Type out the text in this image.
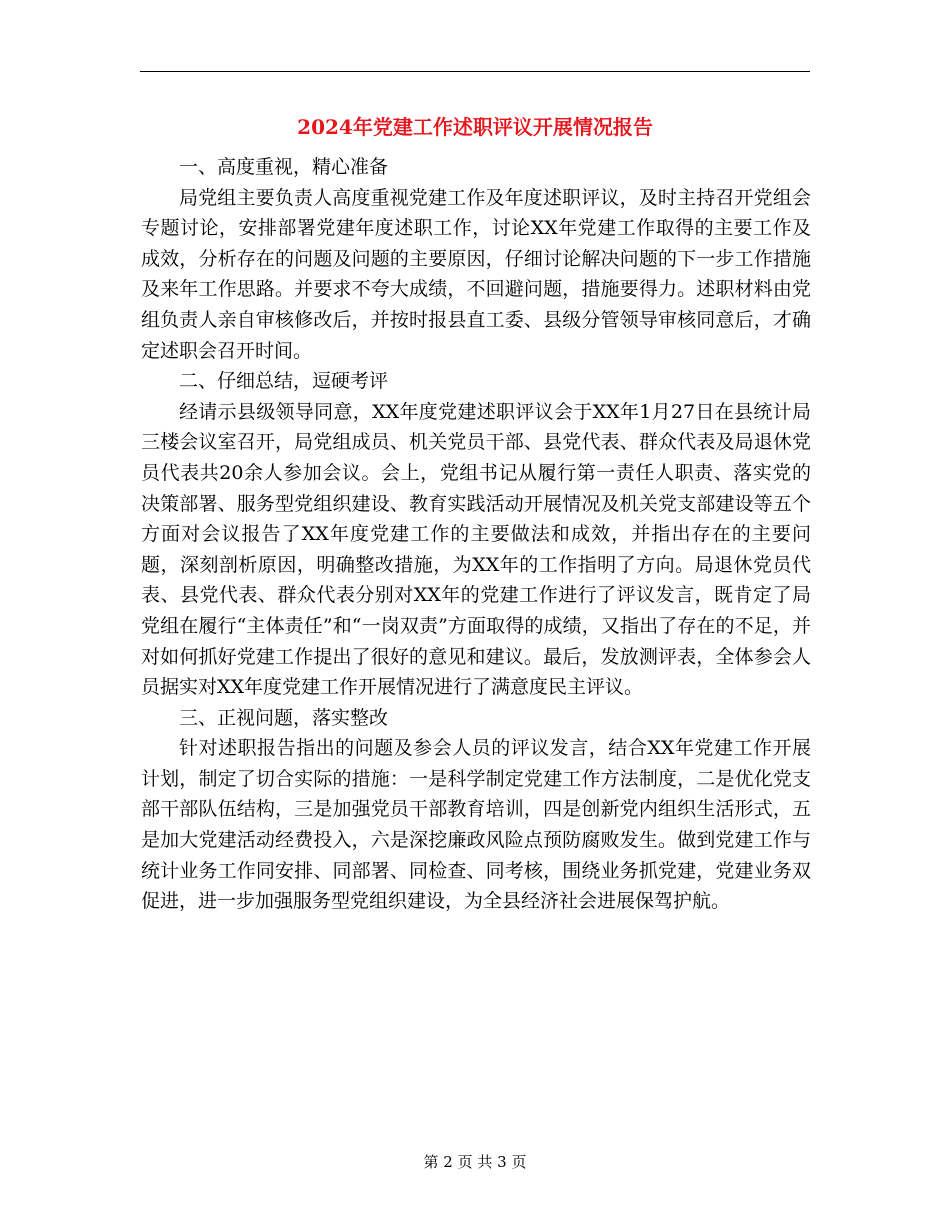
2024年党建工作述职评议开展情况报告

一、高度重视，精心准备

局党组主要负责人高度重视党建工作及年度述职评议，及时主持召开党组会专题讨论，安排部署党建年度述职工作，讨论XX年党建工作取得的主要工作及成效，分析存在的问题及问题的主要原因，仔细讨论解决问题的下一步工作措施及来年工作思路。并要求不夸大成绩，不回避问题，措施要得力。述职材料由党组负责人亲自审核修改后，并按时报县直工委、县级分管领导审核同意后，才确定述职会召开时间。

二、仔细总结，逗硬考评

经请示县级领导同意，XX年度党建述职评议会于XX年1月27日在县统计局三楼会议室召开，局党组成员、机关党员干部、县党代表、群众代表及局退休党员代表共20余人参加会议。会上，党组书记从履行第一责任人职责、落实党的决策部署、服务型党组织建设、教育实践活动开展情况及机关党支部建设等五个方面对会议报告了XX年度党建工作的主要做法和成效，并指出存在的主要问题，深刻剖析原因，明确整改措施，为XX年的工作指明了方向。局退休党员代表、县党代表、群众代表分别对XX年的党建工作进行了评议发言，既肯定了局党组在履行“主体责任”和“一岗双责”方面取得的成绩，又指出了存在的不足，并对如何抓好党建工作提出了很好的意见和建议。最后，发放测评表，全体参会人员据实对XX年度党建工作开展情况进行了满意度民主评议。

三、正视问题，落实整改

针对述职报告指出的问题及参会人员的评议发言，结合XX年党建工作开展计划，制定了切合实际的措施：一是科学制定党建工作方法制度，二是优化党支部干部队伍结构，三是加强党员干部教育培训，四是创新党内组织生活形式，五是加大党建活动经费投入，六是深挖廉政风险点预防腐败发生。做到党建工作与统计业务工作同安排、同部署、同检查、同考核，围绕业务抓党建，党建业务双促进，进一步加强服务型党组织建设，为全县经济社会进展保驾护航。

第 2 页 共 3 页
